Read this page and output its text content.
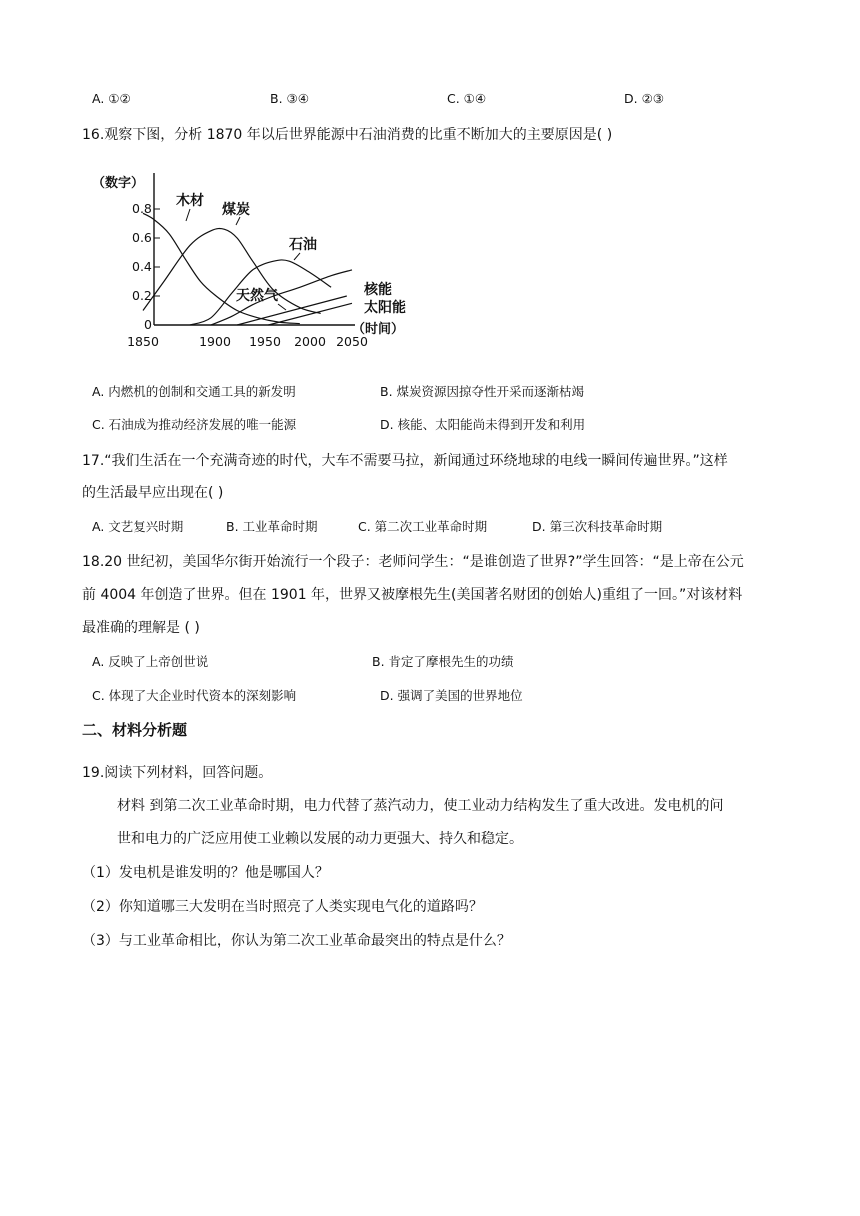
A. ①②	B. ③④	C. ①④	D. ②③
16.观察下图，分析 1870 年以后世界能源中石油消费的比重不断加大的主要原因是( )
（数字）
（时间）
0.8
0.6
0.4
0.2
0
1850	1900 1950 2000 2050
木材
煤炭
石油
天然气	核能
太阳能
A. 内燃机的创制和交通工具的新发明	B. 煤炭资源因掠夺性开采而逐渐枯竭
C. 石油成为推动经济发展的唯一能源	D. 核能、太阳能尚未得到开发和利用
17.“我们生活在一个充满奇迹的时代，大车不需要马拉，新闻通过环绕地球的电线一瞬间传遍世界。”这样
的生活最早应出现在( )
A. 文艺复兴时期	B. 工业革命时期	C. 第二次工业革命时期	D. 第三次科技革命时期
18.20 世纪初，美国华尔街开始流行一个段子：老师问学生：“是谁创造了世界?”学生回答：“是上帝在公元
前 4004 年创造了世界。但在 1901 年，世界又被摩根先生(美国著名财团的创始人)重组了一回。”对该材料
最准确的理解是 ( )
A. 反映了上帝创世说	B. 肯定了摩根先生的功绩
C. 体现了大企业时代资本的深刻影响	D. 强调了美国的世界地位
二、材料分析题
19.阅读下列材料，回答问题。
材料 到第二次工业革命时期，电力代替了蒸汽动力，使工业动力结构发生了重大改进。发电机的问
世和电力的广泛应用使工业赖以发展的动力更强大、持久和稳定。
（1）发电机是谁发明的？他是哪国人？
（2）你知道哪三大发明在当时照亮了人类实现电气化的道路吗？
（3）与工业革命相比，你认为第二次工业革命最突出的特点是什么？
